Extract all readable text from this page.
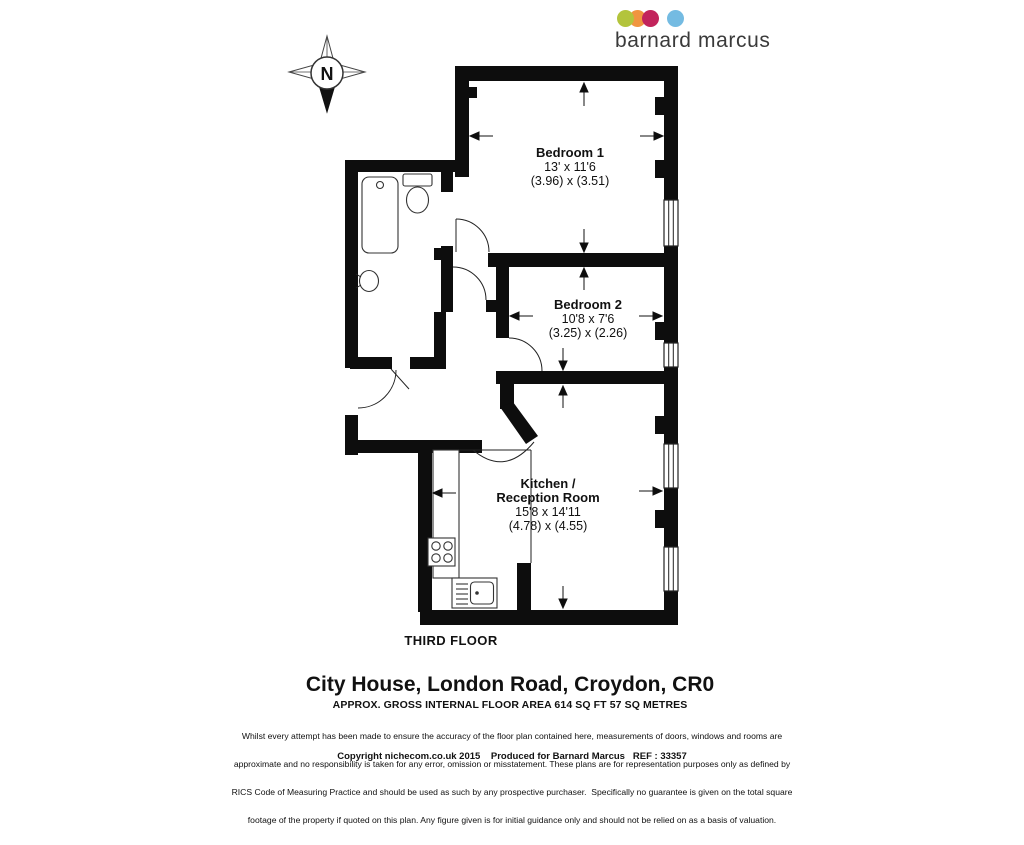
N
barnard marcus
Bedroom 1
13' x 11'6
(3.96) x (3.51)
Bedroom 2
10'8 x 7'6
(3.25) x (2.26)
Kitchen /
Reception Room
15'8 x 14'11
(4.78) x (4.55)
THIRD FLOOR
City House, London Road, Croydon, CR0
APPROX. GROSS INTERNAL FLOOR AREA 614 SQ FT 57 SQ METRES

Whilst every attempt has been made to ensure the accuracy of the floor plan contained here, measurements of doors, windows and rooms are

approximate and no responsibility is taken for any error, omission or misstatement. These plans are for representation purposes only as defined by

RICS Code of Measuring Practice and should be used as such by any prospective purchaser.  Specifically no guarantee is given on the total square

footage of the property if quoted on this plan. Any figure given is for initial guidance only and should not be relied on as a basis of valuation.

Copyright nichecom.co.uk 2015    Produced for Barnard Marcus   REF : 33357
